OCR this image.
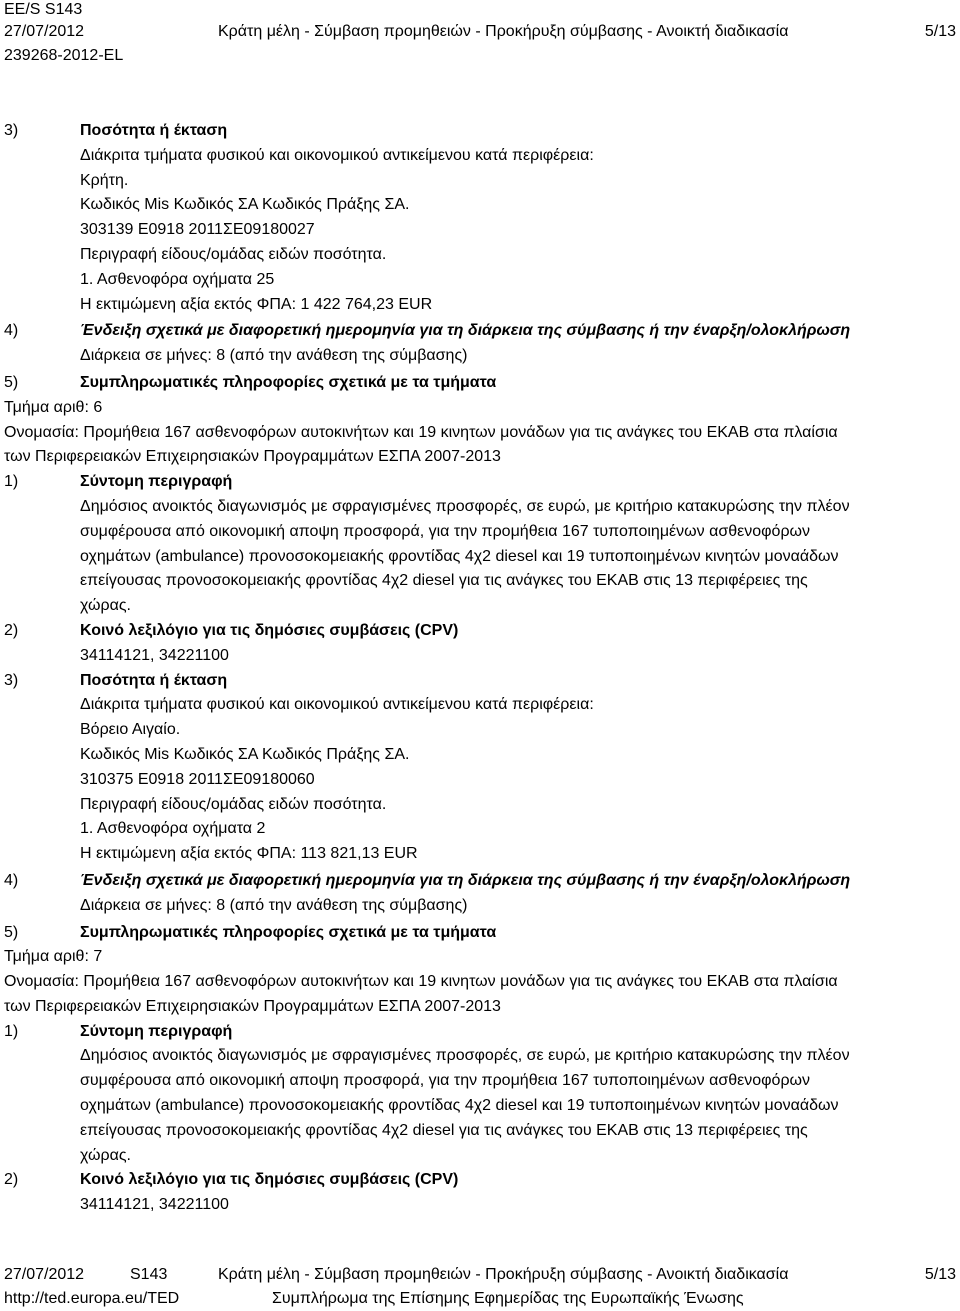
EE/S S143
27/07/2012	Κράτη μέλη - Σύμβαση προμηθειών - Προκήρυξη σύμβασης - Ανοικτή διαδικασία	5/13
239268-2012-EL
3)	Ποσότητα ή έκταση
Διάκριτα τμήματα φυσικού και οικονομικού αντικείμενου κατά περιφέρεια:
Κρήτη.
Κωδικός Mis Κωδικός ΣΑ Κωδικός Πράξης ΣΑ.
303139 Ε0918 2011ΣΕ09180027
Περιγραφή είδους/ομάδας ειδών ποσότητα.
1. Ασθενοφόρα οχήματα 25
Η εκτιμώμενη αξία εκτός ΦΠΑ: 1 422 764,23 EUR
4)	Ένδειξη σχετικά με διαφορετική ημερομηνία για τη διάρκεια της σύμβασης ή την έναρξη/ολοκλήρωση
Διάρκεια σε μήνες: 8 (από την ανάθεση της σύμβασης)
5)	Συμπληρωματικές πληροφορίες σχετικά με τα τμήματα
Τμήμα αριθ: 6
Ονομασία: Προμήθεια 167 ασθενοφόρων αυτοκινήτων και 19 κινητων μονάδων για τις ανάγκες του ΕΚΑΒ στα πλαίσια
των Περιφερειακών Επιχειρησιακών Προγραμμάτων ΕΣΠΑ 2007-2013
1)	Σύντομη περιγραφή
Δημόσιος ανοικτός διαγωνισμός με σφραγισμένες προσφορές, σε ευρώ, με κριτήριο κατακυρώσης την πλέον
συμφέρουσα από οικονομική αποψη προσφορά, για την προμήθεια 167 τυποποιημένων ασθενοφόρων
οχημάτων (ambulance) προνοσοκομειακής φροντίδας 4χ2 diesel και 19 τυποποιημένων κινητών μοναάδων
επείγουσας προνοσοκομειακής φροντίδας 4χ2 diesel για τις ανάγκες του ΕΚΑΒ στις 13 περιφέρειες της
χώρας.
2)	Κοινό λεξιλόγιο για τις δημόσιες συμβάσεις (CPV)
34114121, 34221100
3)	Ποσότητα ή έκταση
Διάκριτα τμήματα φυσικού και οικονομικού αντικείμενου κατά περιφέρεια:
Βόρειο Αιγαίο.
Κωδικός Mis Κωδικός ΣΑ Κωδικός Πράξης ΣΑ.
310375 Ε0918 2011ΣΕ09180060
Περιγραφή είδους/ομάδας ειδών ποσότητα.
1. Ασθενοφόρα οχήματα 2
Η εκτιμώμενη αξία εκτός ΦΠΑ: 113 821,13 EUR
4)	Ένδειξη σχετικά με διαφορετική ημερομηνία για τη διάρκεια της σύμβασης ή την έναρξη/ολοκλήρωση
Διάρκεια σε μήνες: 8 (από την ανάθεση της σύμβασης)
5)	Συμπληρωματικές πληροφορίες σχετικά με τα τμήματα
Τμήμα αριθ: 7
Ονομασία: Προμήθεια 167 ασθενοφόρων αυτοκινήτων και 19 κινητων μονάδων για τις ανάγκες του ΕΚΑΒ στα πλαίσια
των Περιφερειακών Επιχειρησιακών Προγραμμάτων ΕΣΠΑ 2007-2013
1)	Σύντομη περιγραφή
Δημόσιος ανοικτός διαγωνισμός με σφραγισμένες προσφορές, σε ευρώ, με κριτήριο κατακυρώσης την πλέον
συμφέρουσα από οικονομική αποψη προσφορά, για την προμήθεια 167 τυποποιημένων ασθενοφόρων
οχημάτων (ambulance) προνοσοκομειακής φροντίδας 4χ2 diesel και 19 τυποποιημένων κινητών μοναάδων
επείγουσας προνοσοκομειακής φροντίδας 4χ2 diesel για τις ανάγκες του ΕΚΑΒ στις 13 περιφέρειες της
χώρας.
2)	Κοινό λεξιλόγιο για τις δημόσιες συμβάσεις (CPV)
34114121, 34221100
27/07/2012	S143	Κράτη μέλη - Σύμβαση προμηθειών - Προκήρυξη σύμβασης - Ανοικτή διαδικασία	5/13
http://ted.europa.eu/TED	Συμπλήρωμα της Επίσημης Εφημερίδας της Ευρωπαϊκής Ένωσης
